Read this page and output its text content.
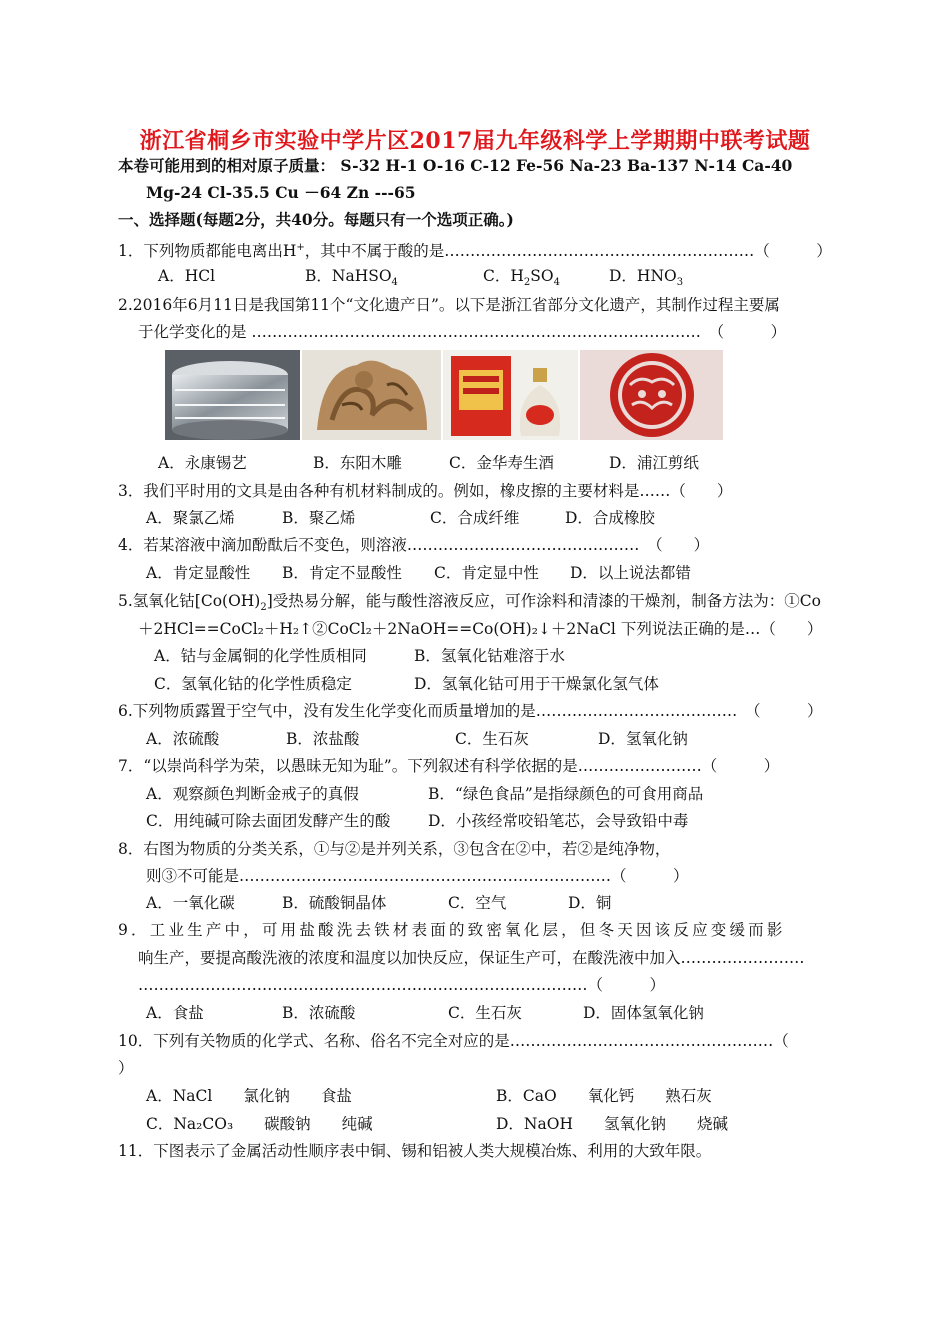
浙江省桐乡市实验中学片区2017届九年级科学上学期期中联考试题
本卷可能用到的相对原子质量： S-32 H-1 O-16 C-12 Fe-56 Na-23 Ba-137 N-14 Ca-40
Mg-24 Cl-35.5 Cu －64 Zn ---65
一、选择题(每题2分，共40分。每题只有一个选项正确。)
1．下列物质都能电离出H+，其中不属于酸的是……………………………………………………（　　　）
A．HCl	B．NaHSO$_4$	C．$H_2SO_4$	D．$HNO_3$
2.2016年6月11日是我国第11个“文化遗产日”。以下是浙江省部分文化遗产，其制作过程主要属
于化学变化的是 ……………………………………………………………………………　（　　　）
A．永康锡艺	B．东阳木雕	C．金华寿生酒	D．浦江剪纸
3．我们平时用的文具是由各种有机材料制成的。例如，橡皮擦的主要材料是……（　　）
A．聚氯乙烯	B．聚乙烯	C．合成纤维	D．合成橡胶
4．若某溶液中滴加酚酞后不变色，则溶液………………………………………　（　　）
A．肯定显酸性 B．肯定不显酸性 C．肯定显中性 D．以上说法都错
5.氢氧化钴$[Co(OH)_2]$受热易分解，能与酸性溶液反应，可作涂料和清漆的干燥剂，制备方法为：①Co
＋2HCl==CoCl₂＋H₂↑②CoCl₂＋2NaOH==Co(OH)₂↓＋2NaCl 下列说法正确的是…（　　）
A．钴与金属铜的化学性质相同	B．氢氧化钴难溶于水
C．氢氧化钴的化学性质稳定	D．氢氧化钴可用于干燥氯化氢气体
6.下列物质露置于空气中，没有发生化学变化而质量增加的是…………………………………　（　　　）
A．浓硫酸	B．浓盐酸	C．生石灰	D．氢氧化钠
7．“以崇尚科学为荣，以愚昧无知为耻”。下列叙述有科学依据的是……………………（　　　）
A．观察颜色判断金戒子的真假	B．“绿色食品”是指绿颜色的可食用商品
C．用纯碱可除去面团发酵产生的酸 D．小孩经常咬铅笔芯，会导致铅中毒
8．右图为物质的分类关系，①与②是并列关系，③包含在②中，若②是纯净物，
则③不可能是………………………………………………………………（　　　）
A．一氧化碳	B．硫酸铜晶体	C．空气	D．铜
9．工业生产中，可用盐酸洗去铁材表面的致密氧化层，但冬天因该反应变缓而影
响生产，要提高酸洗液的浓度和温度以加快反应，保证生产可，在酸洗液中加入……………………
……………………………………………………………………………（　　　）
A．食盐	B．浓硫酸	C．生石灰	D．固体氢氧化钠
10．下列有关物质的化学式、名称、俗名不完全对应的是……………………………………………（
）
A．NaCl　　氯化钠　　食盐	B．CaO　　氧化钙　　熟石灰
C．Na₂CO₃　　碳酸钠　　纯碱	D．NaOH　　氢氧化钠　　烧碱
11．下图表示了金属活动性顺序表中铜、锡和铝被人类大规模冶炼、利用的大致年限。
